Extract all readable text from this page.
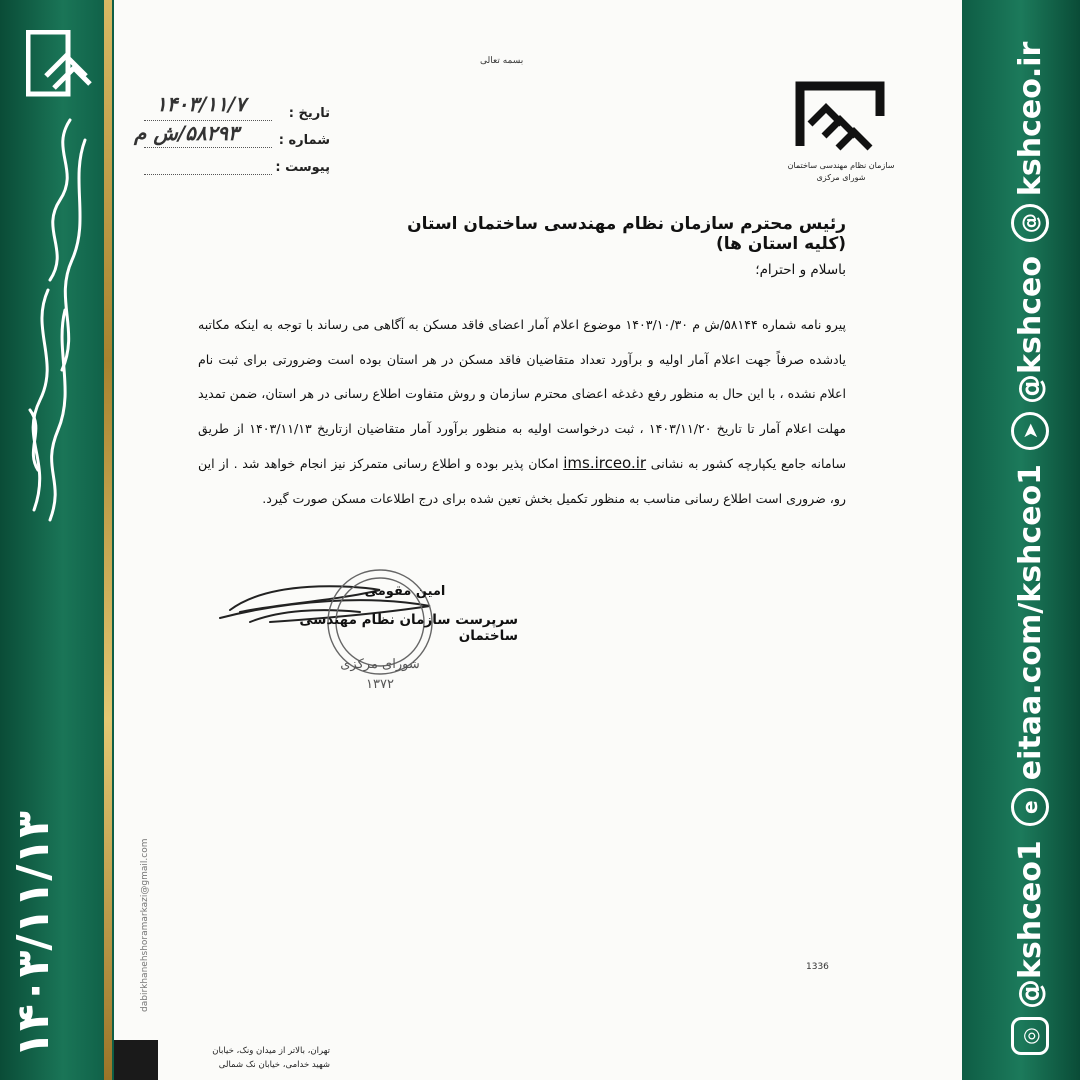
۱۴۰۳/۱۱/۱۳
بسمه تعالی
تاریخ :
۱۴۰۳/۱۱/۷
شماره :
۵۸۲۹۳/ش م
پیوست :	سازمان نظام مهندسی ساختمان
شورای مرکزی
رئیس محترم سازمان نظام مهندسی ساختمان استان (کلیه استان ها)
باسلام و احترام؛
پیرو نامه شماره ۵۸۱۴۴/ش م ۱۴۰۳/۱۰/۳۰ موضوع اعلام آمار اعضای فاقد مسکن به آگاهی می رساند با توجه به اینکه مکاتبه یادشده صرفاً جهت اعلام آمار اولیه و برآورد تعداد متقاضیان فاقد مسکن در هر استان بوده است وضرورتی برای ثبت نام اعلام نشده ، با این حال به منظور رفع دغدغه اعضای محترم سازمان و روش متفاوت اطلاع رسانی در هر استان، ضمن تمدید مهلت اعلام آمار تا تاریخ ۱۴۰۳/۱۱/۲۰ ، ثبت درخواست اولیه به منظور برآورد آمار متقاضیان ازتاریخ ۱۴۰۳/۱۱/۱۳ از طریق سامانه جامع یکپارچه کشور به نشانی ims.irceo.ir امکان پذیر بوده و اطلاع رسانی متمرکز نیز انجام خواهد شد . از این رو، ضروری است اطلاع رسانی مناسب به منظور تکمیل بخش تعین شده برای درج اطلاعات مسکن صورت گیرد.
شورای مرکزی
۱۳۷۲
امین مقومی
سرپرست سازمان نظام مهندسی ساختمان
1336
dabirkhanehshoramarkazi@gmail.com
تهران، بالاتر از میدان ونک، خیابان
شهید خدامی، خیابان نک شمالی
◎
@kshceo1
e
eitaa.com/kshceo1
➤
@kshceo
@
kshceo.ir
